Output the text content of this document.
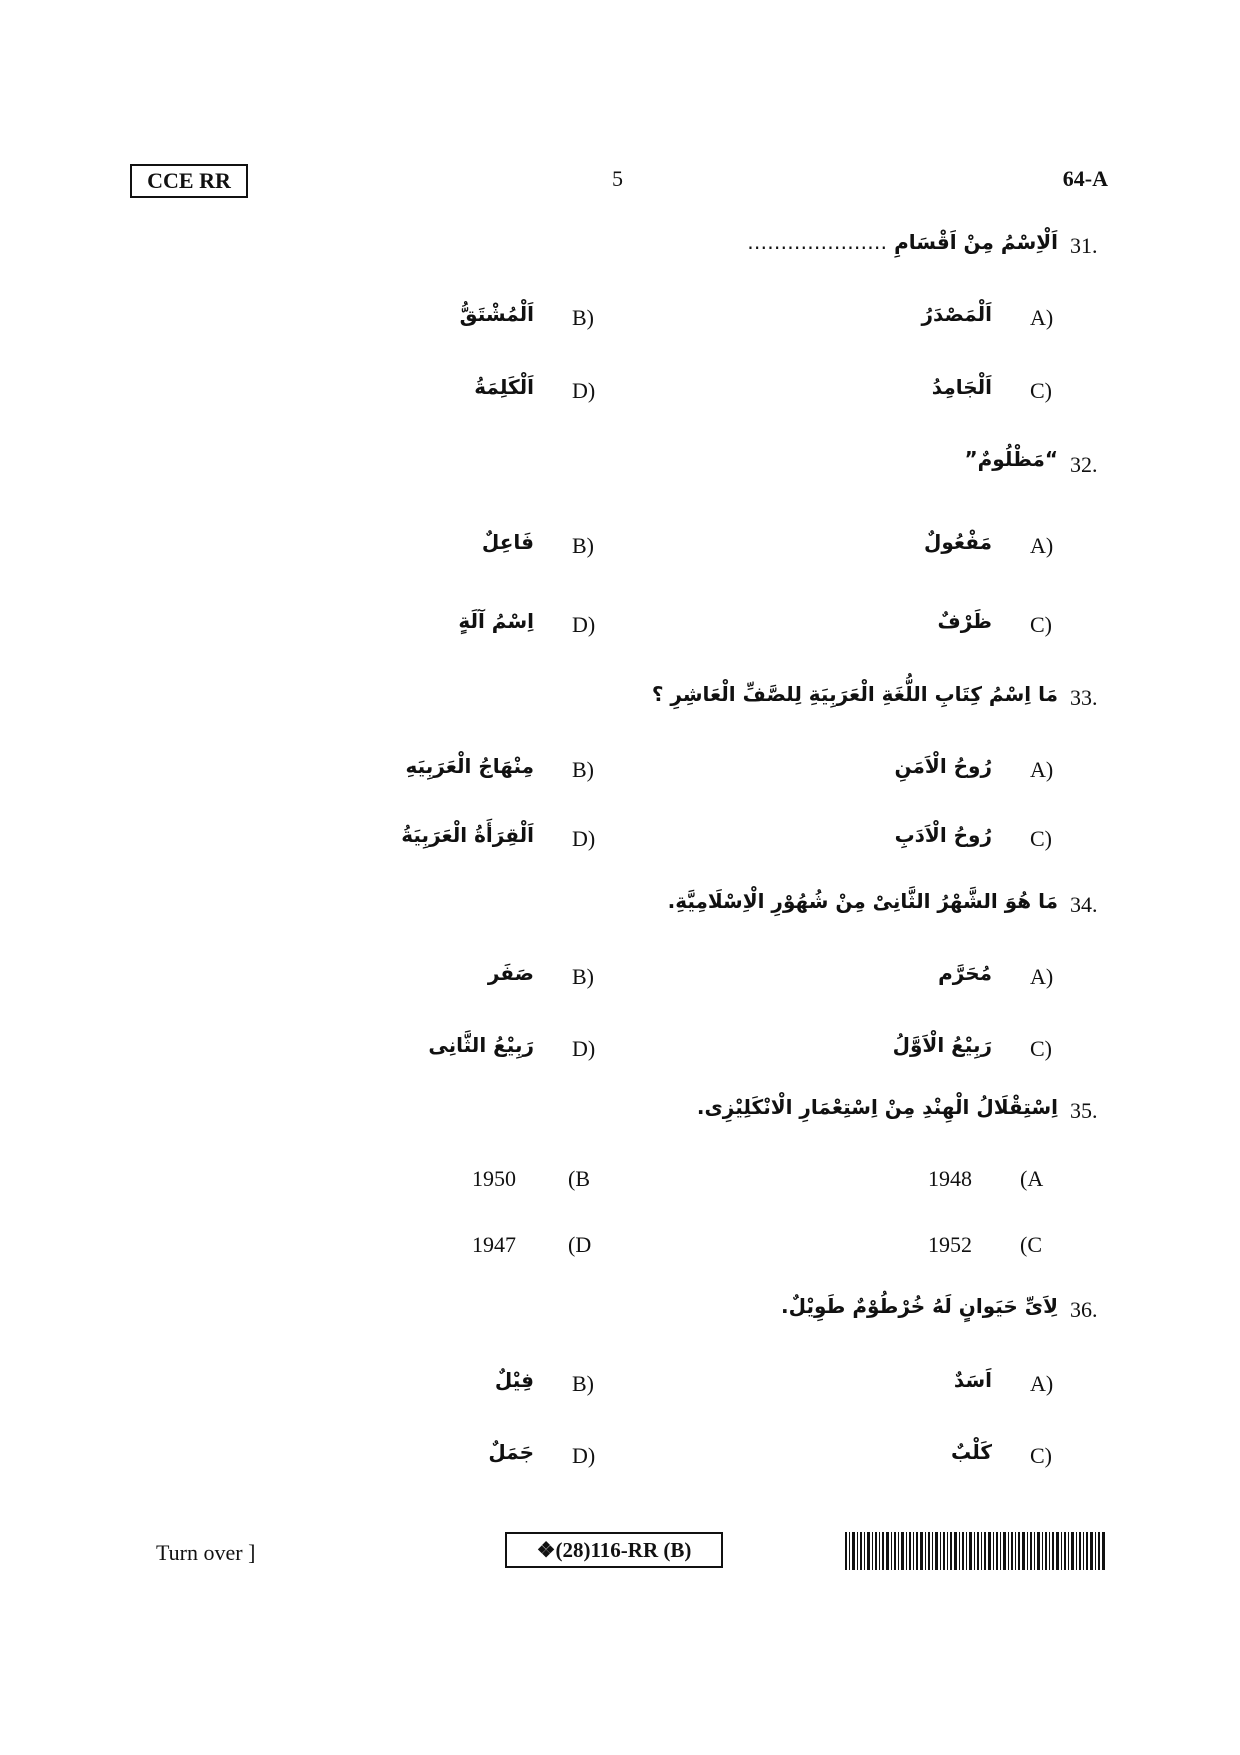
CCE RR	5	64-A
31.
اَلْاِسْمُ مِنْ اَقْسَامِ …………………
A)
اَلْمَصْدَرُ
B)
اَلْمُشْتَقُّ
C)
اَلْجَامِدُ
D)
اَلْكَلِمَةُ
32.
“مَظْلُومٌ”
A)
مَفْعُولٌ
B)
فَاعِلٌ
C)
ظَرْفٌ
D)
اِسْمُ آلَةٍ
33.
مَا اِسْمُ كِتَابِ اللُّغَةِ الْعَرَبِيَةِ لِلصَّفِّ الْعَاشِرِ ؟
A)
رُوحُ الْاَمَنِ
B)
مِنْهَاجُ الْعَرَبِيَهِ
C)
رُوحُ الْاَدَبِ
D)
اَلْقِرَأَةُ الْعَرَبِيَةُ
34.
مَا هُوَ الشَّهْرُ الثَّانِىْ مِنْ شُهُوْرِ الْاِسْلَامِيَّةِ.
A)
مُحَرَّم
B)
صَفَر
C)
رَبِيْعُ الْاَوَّلُ
D)
رَبِيْعُ الثَّانِى
35.
اِسْتِقْلَالُ الْهِنْدِ مِنْ اِسْتِعْمَارِ الْانْكَلِيْزِى.
(A
1948
(B
1950
(C
1952
(D
1947
36.
لِاَىِّ حَيَوانٍ لَهُ خُرْطُوْمٌ طَوِيْلٌ.
A)
اَسَدٌ
B)
فِيْلٌ
C)
كَلْبٌ
D)
جَمَلٌ
Turn over ]	❖(28)116-RR (B)
